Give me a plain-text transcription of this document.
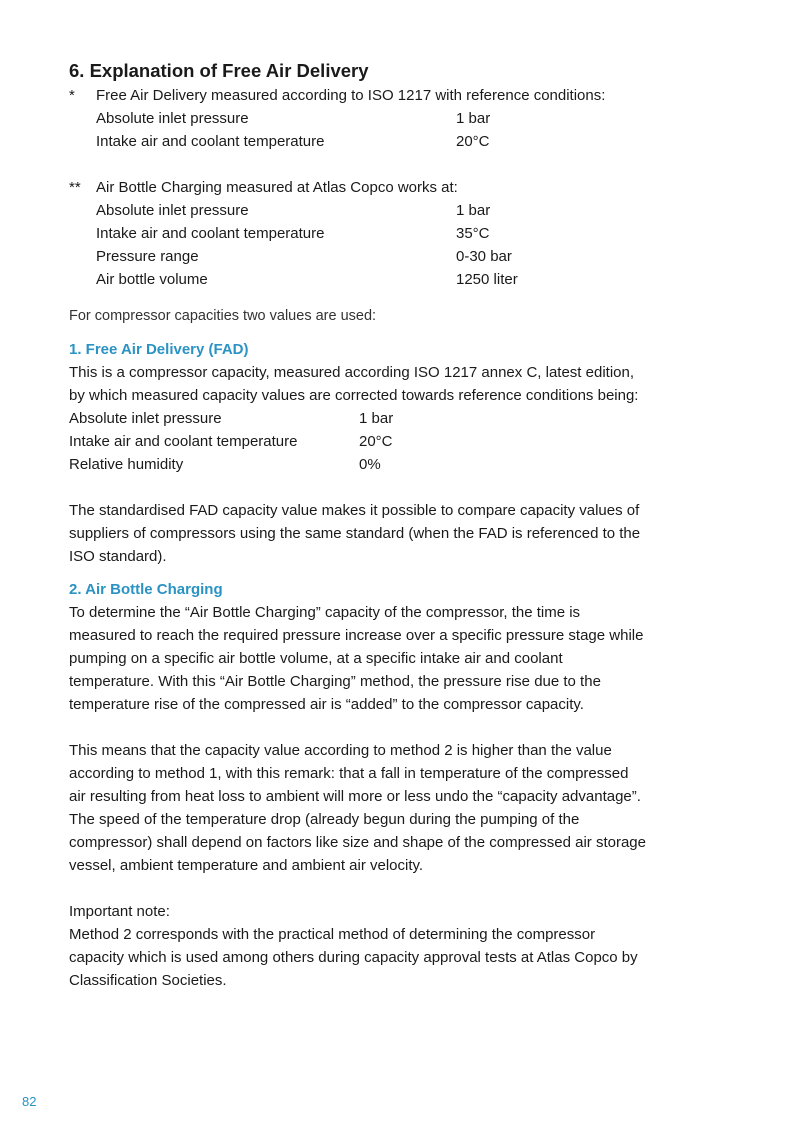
6. Explanation of Free Air Delivery
*	Free Air Delivery measured according to ISO 1217 with reference conditions:
Absolute inlet pressure	1 bar
Intake air and coolant temperature	20°C
**	Air Bottle Charging measured at Atlas Copco works at:
Absolute inlet pressure	1 bar
Intake air and coolant temperature	35°C
Pressure range	0-30 bar
Air bottle volume	1250 liter
For compressor capacities two values are used:
1. Free Air Delivery (FAD)

This is a compressor capacity, measured according ISO 1217 annex C, latest edition,

by which measured capacity values are corrected towards reference conditions being:

Absolute inlet pressure	1 bar
Intake air and coolant temperature	20°C
Relative humidity	0%

The standardised FAD capacity value makes it possible to compare capacity values of

suppliers of compressors using the same standard (when the FAD is referenced to the

ISO standard).

2. Air Bottle Charging

To determine the “Air Bottle Charging” capacity of the compressor, the time is

measured to reach the required pressure increase over a specific pressure stage while

pumping on a specific air bottle volume, at a specific intake air and coolant

temperature. With this “Air Bottle Charging” method, the pressure rise due to the

temperature rise of the compressed air is “added” to the compressor capacity.

This means that the capacity value according to method 2 is higher than the value

according to method 1, with this remark: that a fall in temperature of the compressed

air resulting from heat loss to ambient will more or less undo the “capacity advantage”.

The speed of the temperature drop (already begun during the pumping of the

compressor) shall depend on factors like size and shape of the compressed air storage

vessel, ambient temperature and ambient air velocity.

Important note:

Method 2 corresponds with the practical method of determining the compressor

capacity which is used among others during capacity approval tests at Atlas Copco by

Classification Societies.

82
